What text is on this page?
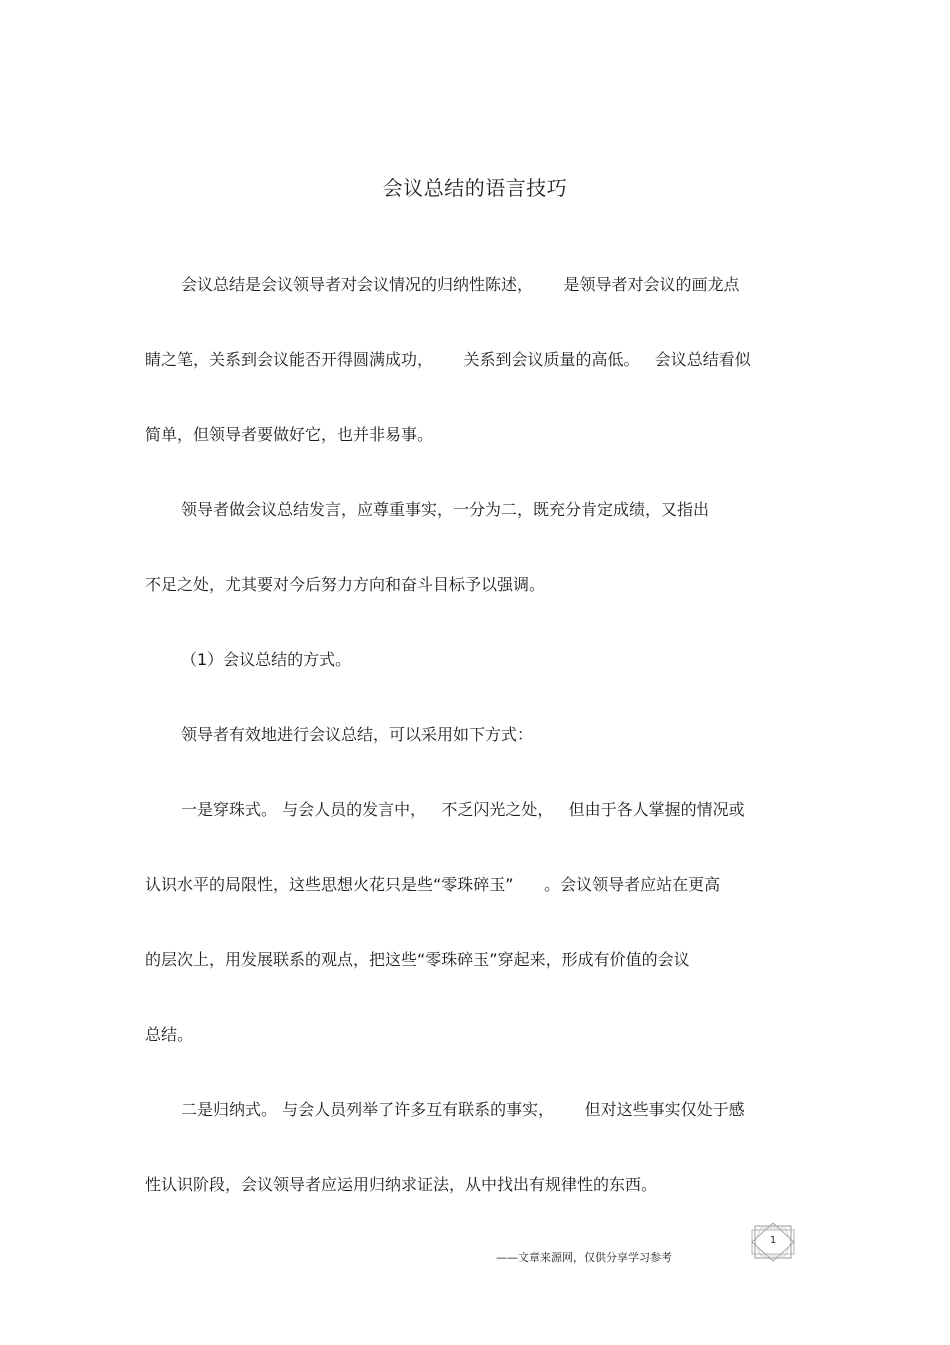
会议总结的语言技巧
会议总结是会议领导者对会议情况的归纳性陈述，      是领导者对会议的画龙点
睛之笔，关系到会议能否开得圆满成功，      关系到会议质量的高低。   会议总结看似
简单，但领导者要做好它，也并非易事。
领导者做会议总结发言，应尊重事实，一分为二，既充分肯定成绩，又指出
不足之处，尤其要对今后努力方向和奋斗目标予以强调。
（1）会议总结的方式。
领导者有效地进行会议总结，可以采用如下方式：
一是穿珠式。 与会人员的发言中，   不乏闪光之处，   但由于各人掌握的情况或
认识水平的局限性，这些思想火花只是些“零珠碎玉”      。会议领导者应站在更高
的层次上，用发展联系的观点，把这些“零珠碎玉”穿起来，形成有价值的会议
总结。
二是归纳式。 与会人员列举了许多互有联系的事实，      但对这些事实仅处于感
性认识阶段，会议领导者应运用归纳求证法，从中找出有规律性的东西。
1
——文章来源网，仅供分享学习参考
